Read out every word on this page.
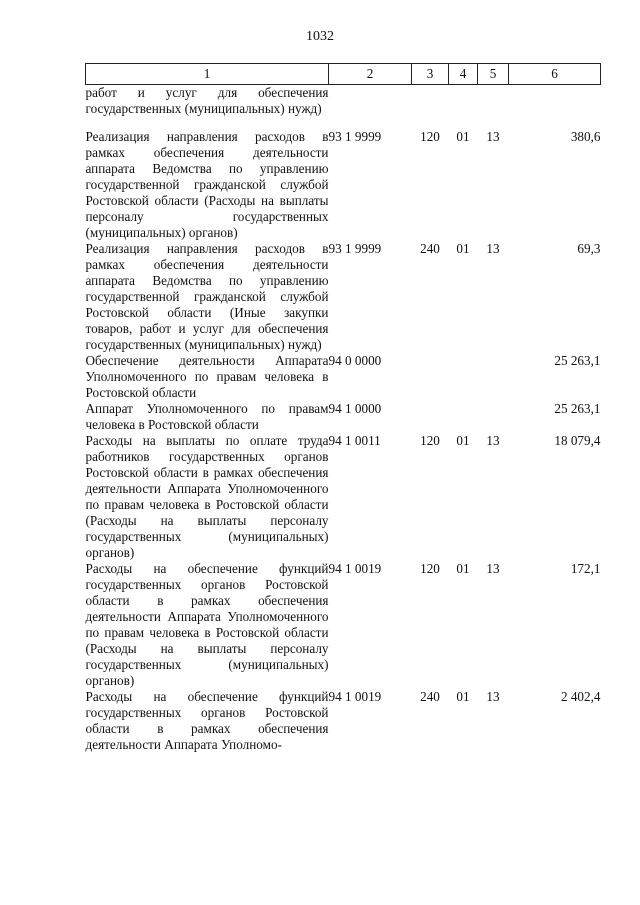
1032
1	2	3	4	5	6
работ и услуг для обеспечения государственных (муниципальных) нужд)					
Реализация направления расходов в рамках обеспечения деятельности аппарата Ведомства по управлению государственной гражданской службой Ростовской области (Расходы на выплаты персоналу государственных (муниципальных) органов)	93 1 9999	120	01	13	380,6
Реализация направления расходов в рамках обеспечения деятельности аппарата Ведомства по управлению государственной гражданской службой Ростовской области (Иные закупки товаров, работ и услуг для обеспечения государственных (муниципальных) нужд)	93 1 9999	240	01	13	69,3
Обеспечение деятельности Аппарата Уполномоченного по правам человека в Ростовской области	94 0 0000				25 263,1
Аппарат Уполномоченного по правам человека в Ростовской области	94 1 0000				25 263,1
Расходы на выплаты по оплате труда работников государственных органов Ростовской области в рамках обеспечения деятельности Аппарата Уполномоченного по правам человека в Ростовской области (Расходы на выплаты персоналу государственных (муниципальных) органов)	94 1 0011	120	01	13	18 079,4
Расходы на обеспечение функций государственных органов Ростовской области в рамках обеспечения деятельности Аппарата Уполномоченного по правам человека в Ростовской области (Расходы на выплаты персоналу государственных (муниципальных) органов)	94 1 0019	120	01	13	172,1
Расходы на обеспечение функций государственных органов Ростовской области в рамках обеспечения деятельности Аппарата Уполномо-	94 1 0019	240	01	13	2 402,4
